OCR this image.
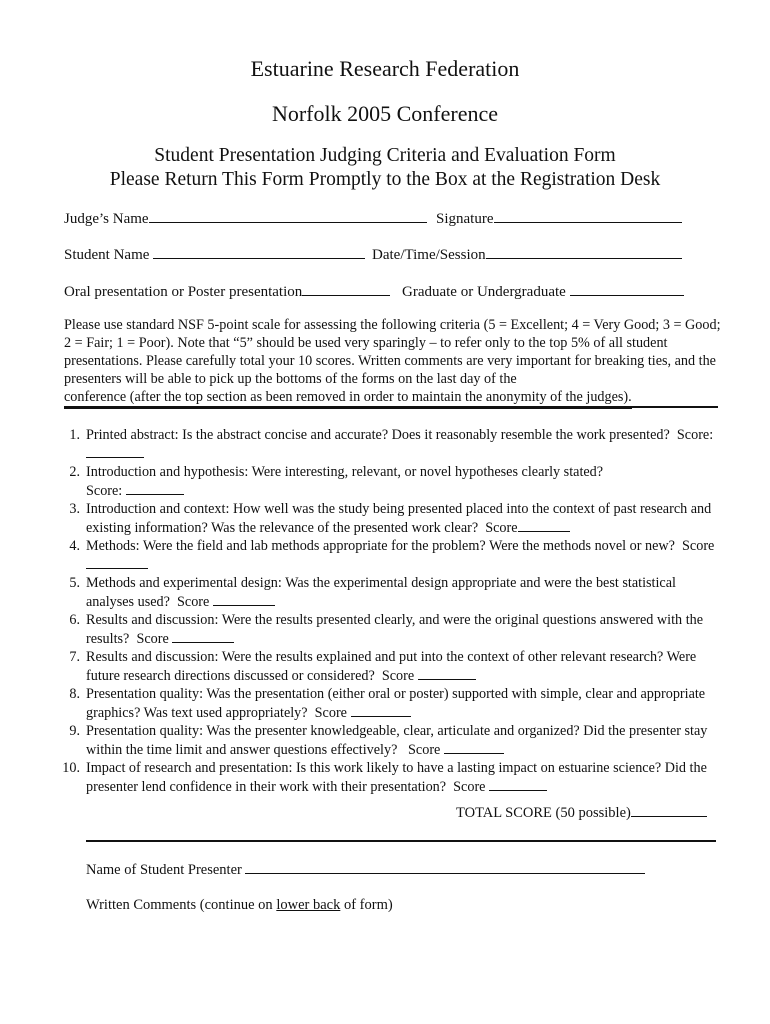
Estuarine Research Federation
Norfolk 2005 Conference
Student Presentation Judging Criteria and Evaluation Form
Please Return This Form Promptly to the Box at the Registration Desk
Judge’s Name	Signature
Student Name	Date/Time/Session
Oral presentation or Poster presentation	Graduate or Undergraduate
Please use standard NSF 5-point scale for assessing the following criteria (5 = Excellent; 4 = Very Good; 3 = Good; 2 = Fair; 1 = Poor). Note that “5” should be used very sparingly – to refer only to the top 5% of all student presentations. Please carefully total your 10 scores. Written comments are very important for breaking ties, and the presenters will be able to pick up the bottoms of the forms on the last day of the conference (after the top section as been removed in order to maintain the anonymity of the judges).
1. Printed abstract: Is the abstract concise and accurate? Does it reasonably resemble the work presented? Score:
2. Introduction and hypothesis: Were interesting, relevant, or novel hypotheses clearly stated?
Score:
3. Introduction and context: How well was the study being presented placed into the context of past research and existing information? Was the relevance of the presented work clear? Score
4. Methods: Were the field and lab methods appropriate for the problem? Were the methods novel or new? Score
5. Methods and experimental design: Was the experimental design appropriate and were the best statistical analyses used? Score
6. Results and discussion: Were the results presented clearly, and were the original questions answered with the results? Score
7. Results and discussion: Were the results explained and put into the context of other relevant research? Were future research directions discussed or considered? Score
8. Presentation quality: Was the presentation (either oral or poster) supported with simple, clear and appropriate graphics? Was text used appropriately? Score
9. Presentation quality: Was the presenter knowledgeable, clear, articulate and organized? Did the presenter stay within the time limit and answer questions effectively? Score
10. Impact of research and presentation: Is this work likely to have a lasting impact on estuarine science? Did the presenter lend confidence in their work with their presentation? Score
TOTAL SCORE (50 possible)
Name of Student Presenter
Written Comments (continue on lower back of form)
